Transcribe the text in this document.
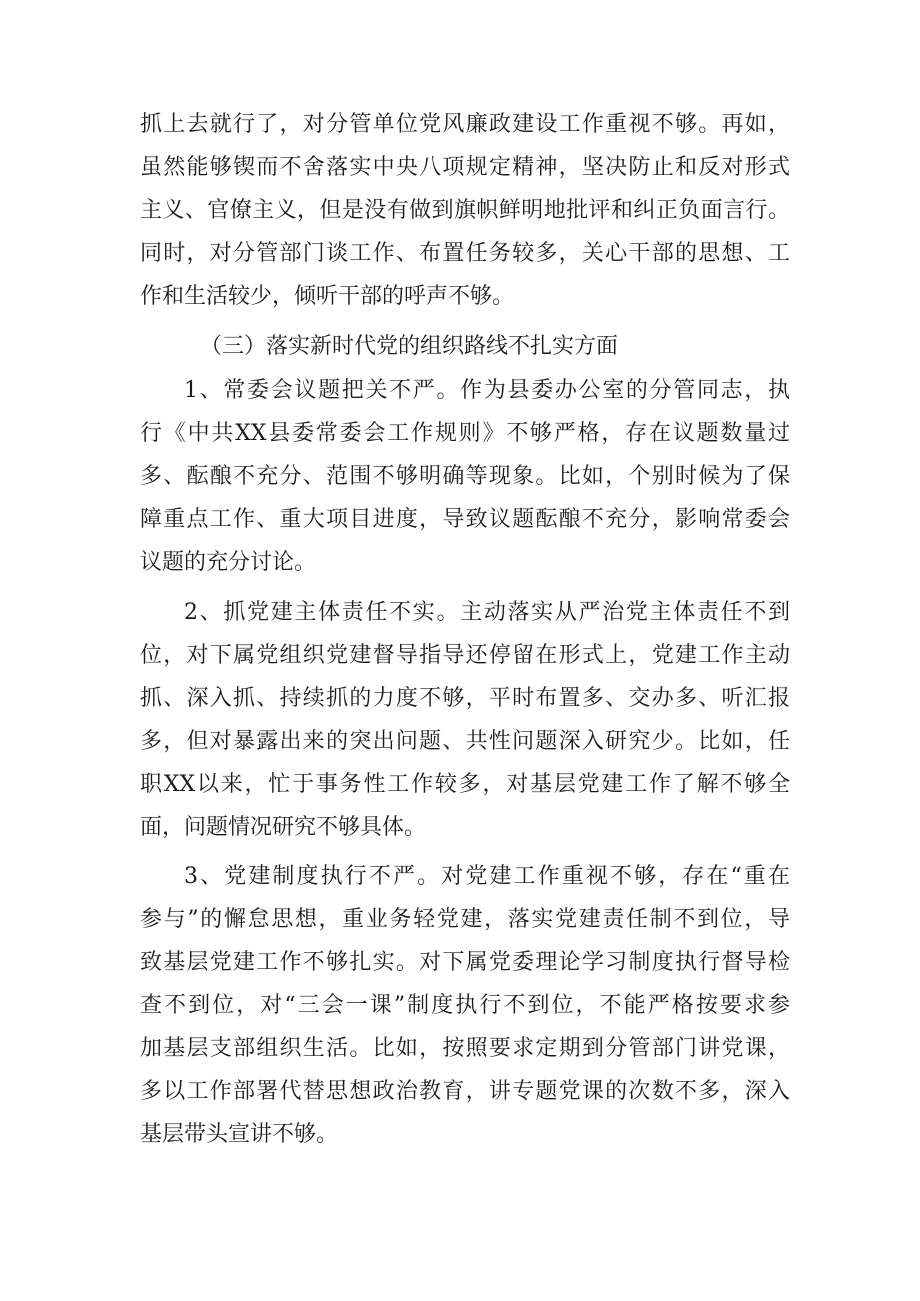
抓上去就行了，对分管单位党风廉政建设工作重视不够。再如，
虽然能够锲而不舍落实中央八项规定精神，坚决防止和反对形式
主义、官僚主义，但是没有做到旗帜鲜明地批评和纠正负面言行。
同时，对分管部门谈工作、布置任务较多，关心干部的思想、工
作和生活较少，倾听干部的呼声不够。
（三）落实新时代党的组织路线不扎实方面
1、常委会议题把关不严。作为县委办公室的分管同志，执
行《中共XX县委常委会工作规则》不够严格，存在议题数量过
多、酝酿不充分、范围不够明确等现象。比如，个别时候为了保
障重点工作、重大项目进度，导致议题酝酿不充分，影响常委会
议题的充分讨论。
2、抓党建主体责任不实。主动落实从严治党主体责任不到
位，对下属党组织党建督导指导还停留在形式上，党建工作主动
抓、深入抓、持续抓的力度不够，平时布置多、交办多、听汇报
多，但对暴露出来的突出问题、共性问题深入研究少。比如，任
职XX以来，忙于事务性工作较多，对基层党建工作了解不够全
面，问题情况研究不够具体。
3、党建制度执行不严。对党建工作重视不够，存在“重在
参与”的懈怠思想，重业务轻党建，落实党建责任制不到位，导
致基层党建工作不够扎实。对下属党委理论学习制度执行督导检
查不到位，对“三会一课”制度执行不到位，不能严格按要求参
加基层支部组织生活。比如，按照要求定期到分管部门讲党课，
多以工作部署代替思想政治教育，讲专题党课的次数不多，深入
基层带头宣讲不够。
